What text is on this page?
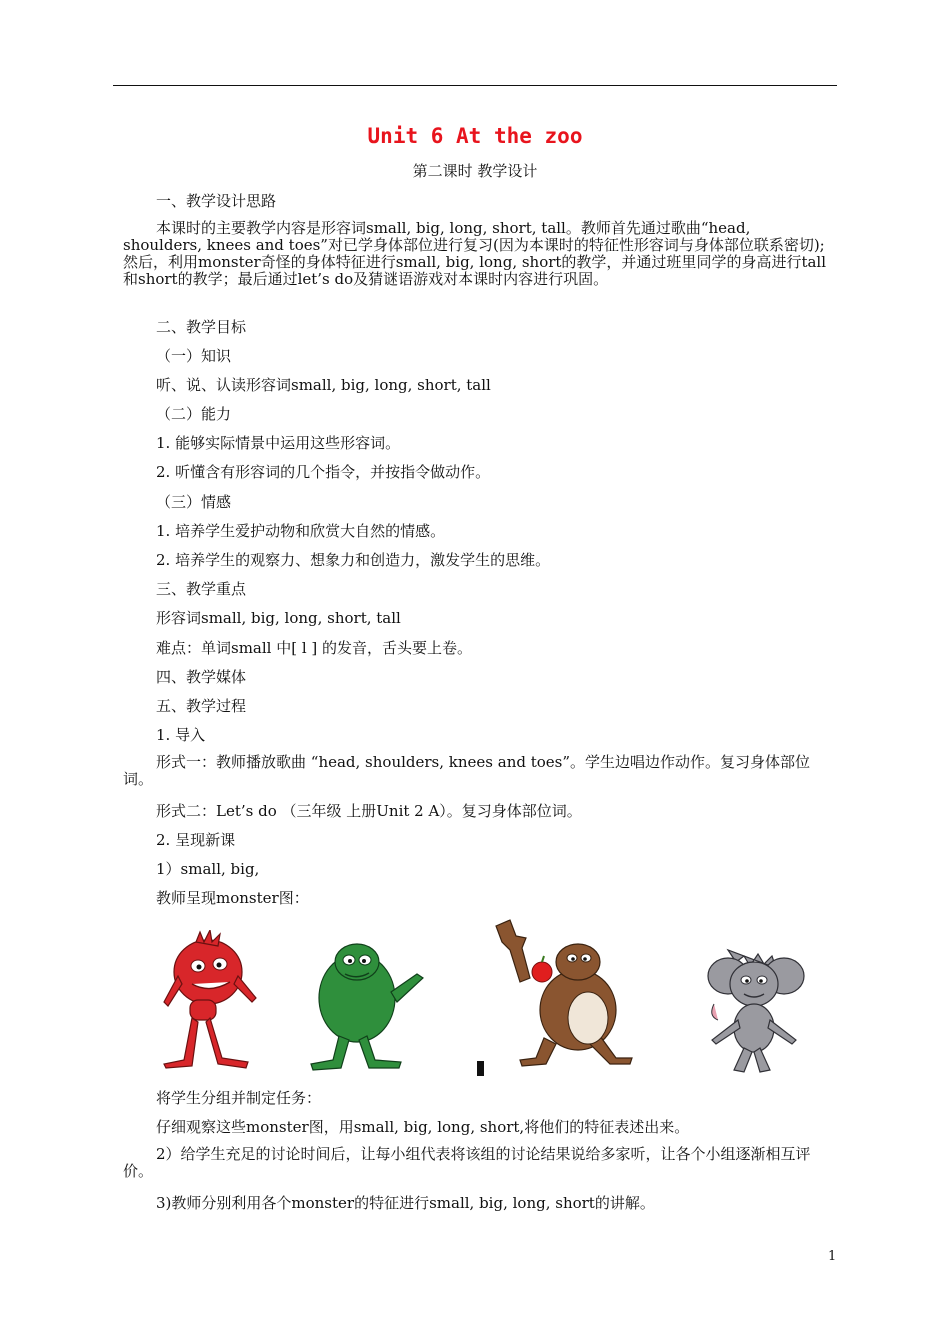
Unit 6 At the zoo
第二课时 教学设计
一、教学设计思路
本课时的主要教学内容是形容词small, big, long, short, tall。教师首先通过歌曲“head, shoulders, knees and toes”对已学身体部位进行复习(因为本课时的特征性形容词与身体部位联系密切);然后，利用monster奇怪的身体特征进行small, big, long, short的教学，并通过班里同学的身高进行tall和short的教学；最后通过let’s do及猜谜语游戏对本课时内容进行巩固。
二、教学目标
（一）知识
听、说、认读形容词small, big, long, short, tall
（二）能力
1. 能够实际情景中运用这些形容词。
2. 听懂含有形容词的几个指令，并按指令做动作。
（三）情感
1. 培养学生爱护动物和欣赏大自然的情感。
2. 培养学生的观察力、想象力和创造力，激发学生的思维。
三、教学重点
形容词small, big, long, short, tall
难点：单词small 中[ l ] 的发音，舌头要上卷。
四、教学媒体
五、教学过程
1. 导入
形式一：教师播放歌曲 “head, shoulders, knees and toes”。学生边唱边作动作。复习身体部位词。
形式二：Let’s do （三年级 上册Unit 2 A）。复习身体部位词。
2. 呈现新课
1）small, big,
教师呈现monster图：
将学生分组并制定任务：
仔细观察这些monster图，用small, big, long, short,将他们的特征表述出来。
2）给学生充足的讨论时间后，让每小组代表将该组的讨论结果说给多家听，让各个小组逐渐相互评价。
3)教师分别利用各个monster的特征进行small, big, long, short的讲解。
1
